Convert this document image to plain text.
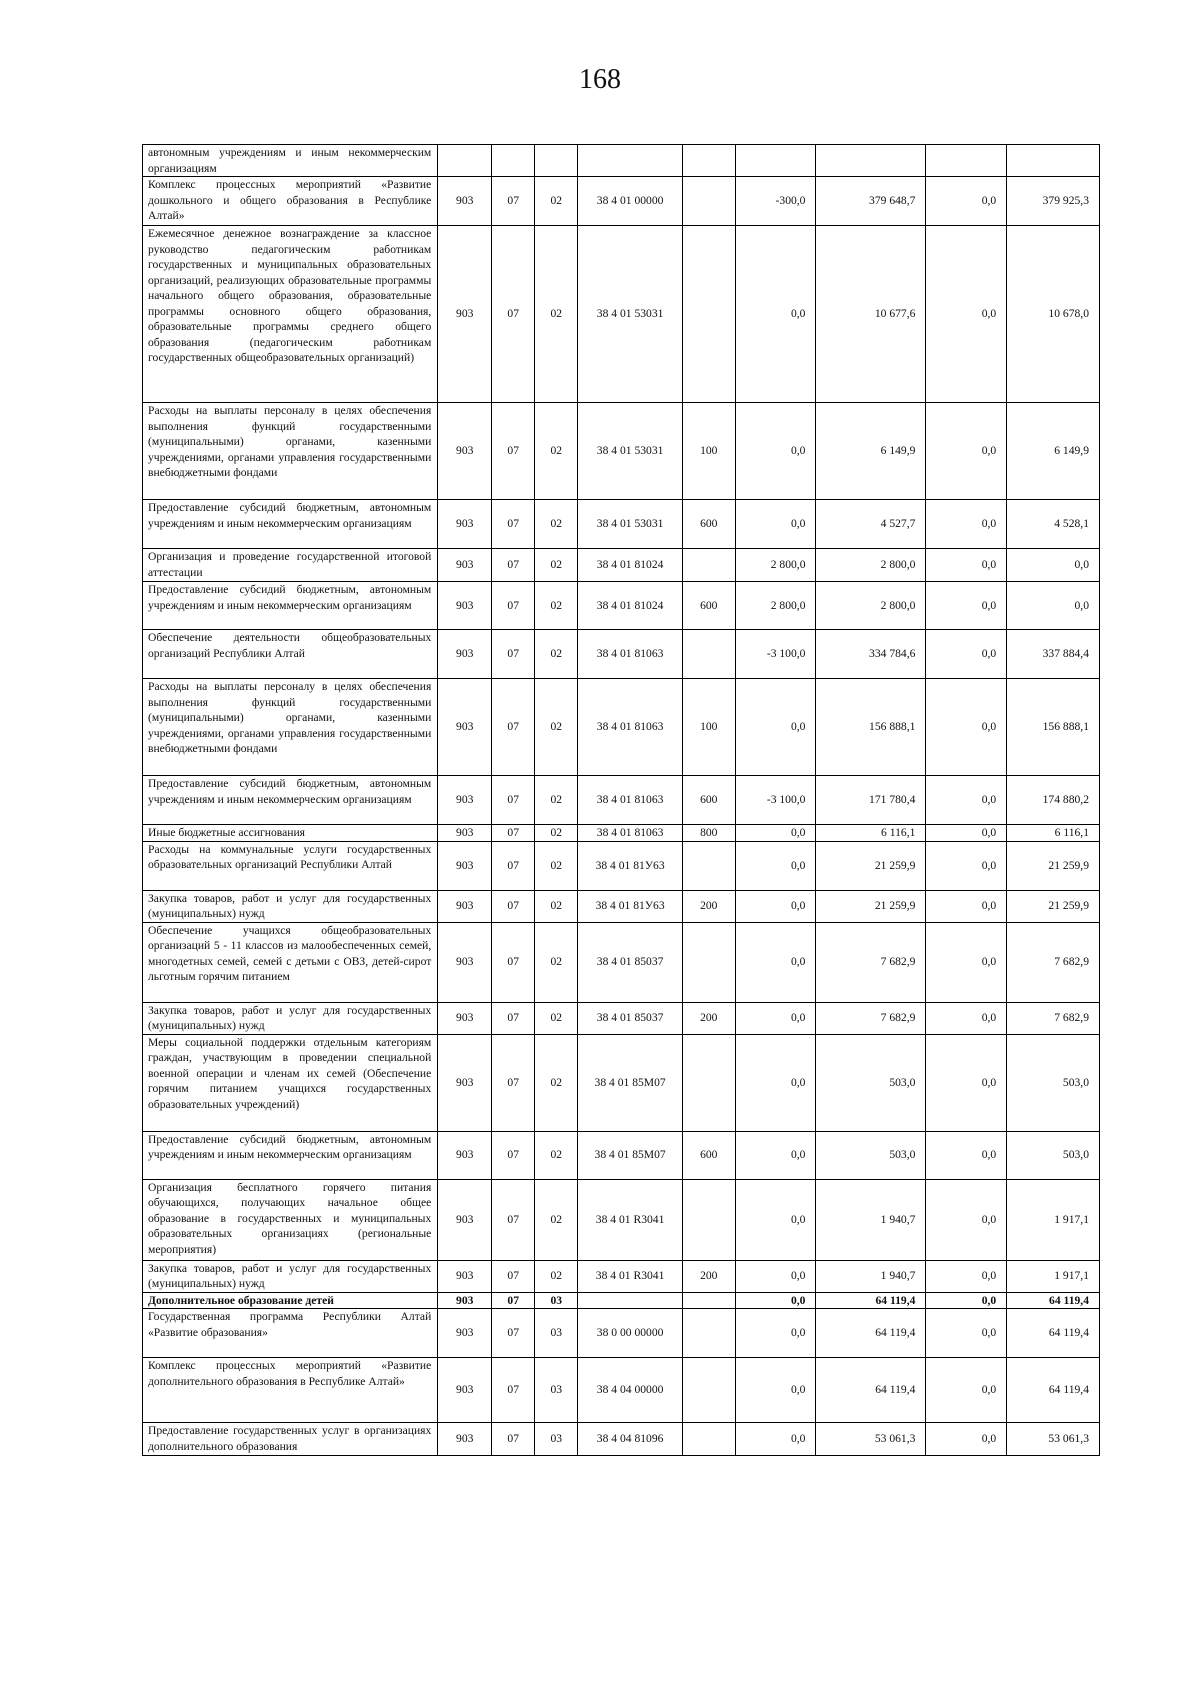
168
автономным учреждениям и иным некоммерческим организациям									
Комплекс процессных мероприятий «Развитие дошкольного и общего образования в Республике Алтай»	903	07	02	38 4 01 00000		-300,0	379 648,7	0,0	379 925,3
Ежемесячное денежное вознаграждение за классное руководство педагогическим работникам государственных и муниципальных образовательных организаций, реализующих образовательные программы начального общего образования, образовательные программы основного общего образования, образовательные программы среднего общего образования (педагогическим работникам государственных общеобразовательных организаций)	903	07	02	38 4 01 53031		0,0	10 677,6	0,0	10 678,0
Расходы на выплаты персоналу в целях обеспечения выполнения функций государственными (муниципальными) органами, казенными учреждениями, органами управления государственными внебюджетными фондами	903	07	02	38 4 01 53031	100	0,0	6 149,9	0,0	6 149,9
Предоставление субсидий бюджетным, автономным учреждениям и иным некоммерческим организациям	903	07	02	38 4 01 53031	600	0,0	4 527,7	0,0	4 528,1
Организация и проведение государственной итоговой аттестации	903	07	02	38 4 01 81024		2 800,0	2 800,0	0,0	0,0
Предоставление субсидий бюджетным, автономным учреждениям и иным некоммерческим организациям	903	07	02	38 4 01 81024	600	2 800,0	2 800,0	0,0	0,0
Обеспечение деятельности общеобразовательных организаций Республики Алтай	903	07	02	38 4 01 81063		-3 100,0	334 784,6	0,0	337 884,4
Расходы на выплаты персоналу в целях обеспечения выполнения функций государственными (муниципальными) органами, казенными учреждениями, органами управления государственными внебюджетными фондами	903	07	02	38 4 01 81063	100	0,0	156 888,1	0,0	156 888,1
Предоставление субсидий бюджетным, автономным учреждениям и иным некоммерческим организациям	903	07	02	38 4 01 81063	600	-3 100,0	171 780,4	0,0	174 880,2
Иные бюджетные ассигнования	903	07	02	38 4 01 81063	800	0,0	6 116,1	0,0	6 116,1
Расходы на коммунальные услуги государственных образовательных организаций Республики Алтай	903	07	02	38 4 01 81У63		0,0	21 259,9	0,0	21 259,9
Закупка товаров, работ и услуг для государственных (муниципальных) нужд	903	07	02	38 4 01 81У63	200	0,0	21 259,9	0,0	21 259,9
Обеспечение учащихся общеобразовательных организаций 5 - 11 классов из малообеспеченных семей, многодетных семей, семей с детьми с ОВЗ, детей-сирот льготным горячим питанием	903	07	02	38 4 01 85037		0,0	7 682,9	0,0	7 682,9
Закупка товаров, работ и услуг для государственных (муниципальных) нужд	903	07	02	38 4 01 85037	200	0,0	7 682,9	0,0	7 682,9
Меры социальной поддержки отдельным категориям граждан, участвующим в проведении специальной военной операции и членам их семей (Обеспечение горячим питанием учащихся государственных образовательных учреждений)	903	07	02	38 4 01 85М07		0,0	503,0	0,0	503,0
Предоставление субсидий бюджетным, автономным учреждениям и иным некоммерческим организациям	903	07	02	38 4 01 85М07	600	0,0	503,0	0,0	503,0
Организация бесплатного горячего питания обучающихся, получающих начальное общее образование в государственных и муниципальных образовательных организациях (региональные мероприятия)	903	07	02	38 4 01 R3041		0,0	1 940,7	0,0	1 917,1
Закупка товаров, работ и услуг для государственных (муниципальных) нужд	903	07	02	38 4 01 R3041	200	0,0	1 940,7	0,0	1 917,1
Дополнительное образование детей	903	07	03			0,0	64 119,4	0,0	64 119,4
Государственная программа Республики Алтай «Развитие образования»	903	07	03	38 0 00 00000		0,0	64 119,4	0,0	64 119,4
Комплекс процессных мероприятий «Развитие дополнительного образования в Республике Алтай»	903	07	03	38 4 04 00000		0,0	64 119,4	0,0	64 119,4
Предоставление государственных услуг в организациях дополнительного образования	903	07	03	38 4 04 81096		0,0	53 061,3	0,0	53 061,3
